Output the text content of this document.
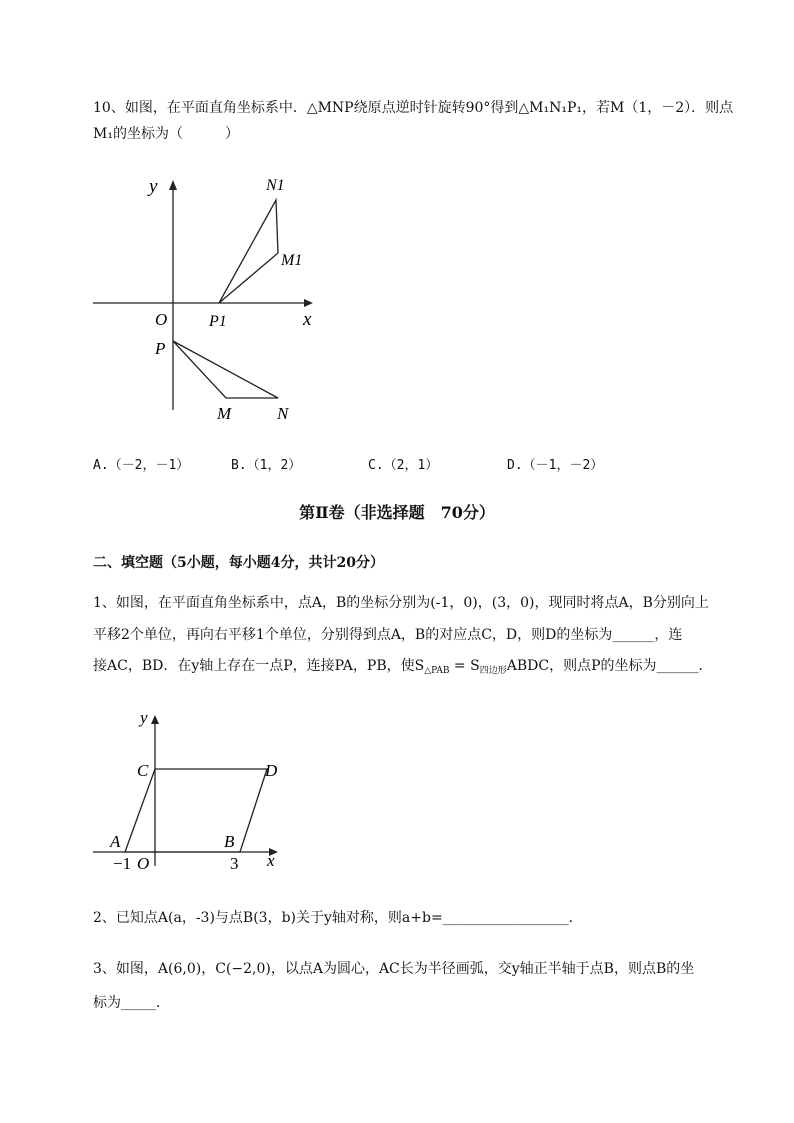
10、如图，在平面直角坐标系中．△MNP绕原点逆时针旋转90°得到△M₁N₁P₁，若M（1，－2）．则点

M₁的坐标为（　　　）

y
x
O
N1
M1
P1
P
M	N
A.（－2，－1）	B.（1，2）	C.（2，1）	D.（－1，－2）
第Ⅱ卷（非选择题　70分）
二、填空题（5小题，每小题4分，共计20分）

1、如图，在平面直角坐标系中，点A，B的坐标分别为(-1，0)，(3，0)，现同时将点A，B分别向上

平移2个单位，再向右平移1个单位，分别得到点A，B的对应点C，D，则D的坐标为______，连

接AC，BD．在y轴上存在一点P，连接PA，PB，使$S_{\triangle PAB}$ = $S_{四边形}ABDC$，则点P的坐标为______．

y
x
C	D
A	B
−1 O	3

2、已知点A(a，-3)与点B(3，b)关于y轴对称，则a+b=__________________．

3、如图，A(6,0)，C(−2,0)，以点A为圆心，AC长为半径画弧，交y轴正半轴于点B，则点B的坐

标为_____．
